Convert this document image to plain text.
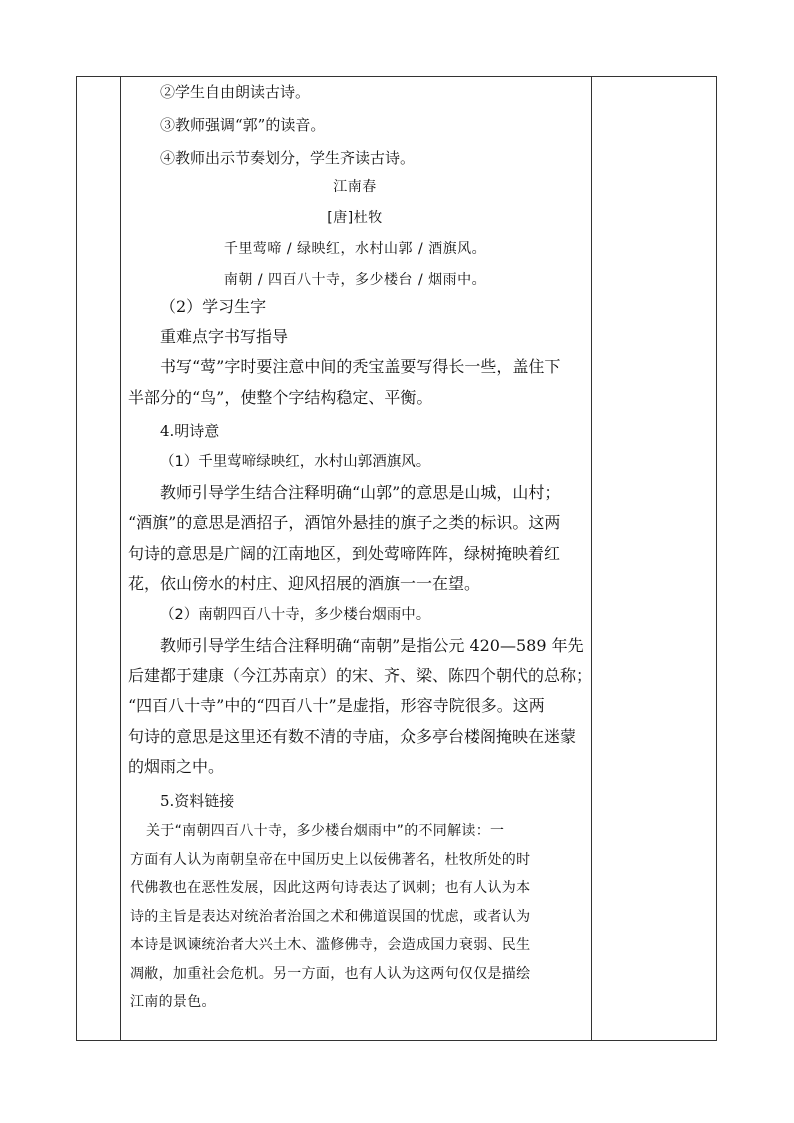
②学生自由朗读古诗。

③教师强调“郭”的读音。

④教师出示节奏划分，学生齐读古诗。

江南春

[唐]杜牧

千里莺啼 / 绿映红，水村山郭 / 酒旗风。

南朝 / 四百八十寺，多少楼台 / 烟雨中。

（2）学习生字

重难点字书写指导

书写“莺”字时要注意中间的秃宝盖要写得长一些，盖住下

半部分的“鸟”，使整个字结构稳定、平衡。

4.明诗意

（1）千里莺啼绿映红，水村山郭酒旗风。

教师引导学生结合注释明确“山郭”的意思是山城，山村；

“酒旗”的意思是酒招子，酒馆外悬挂的旗子之类的标识。这两

句诗的意思是广阔的江南地区，到处莺啼阵阵，绿树掩映着红

花，依山傍水的村庄、迎风招展的酒旗一一在望。

（2）南朝四百八十寺，多少楼台烟雨中。

教师引导学生结合注释明确“南朝”是指公元 420—589 年先

后建都于建康（今江苏南京）的宋、齐、梁、陈四个朝代的总称；

“四百八十寺”中的“四百八十”是虚指，形容寺院很多。这两

句诗的意思是这里还有数不清的寺庙，众多亭台楼阁掩映在迷蒙

的烟雨之中。

5.资料链接

关于“南朝四百八十寺，多少楼台烟雨中”的不同解读：一

方面有人认为南朝皇帝在中国历史上以佞佛著名，杜牧所处的时

代佛教也在恶性发展，因此这两句诗表达了讽刺；也有人认为本

诗的主旨是表达对统治者治国之术和佛道误国的忧虑，或者认为

本诗是讽谏统治者大兴土木、滥修佛寺，会造成国力衰弱、民生

凋敝，加重社会危机。另一方面，也有人认为这两句仅仅是描绘

江南的景色。
